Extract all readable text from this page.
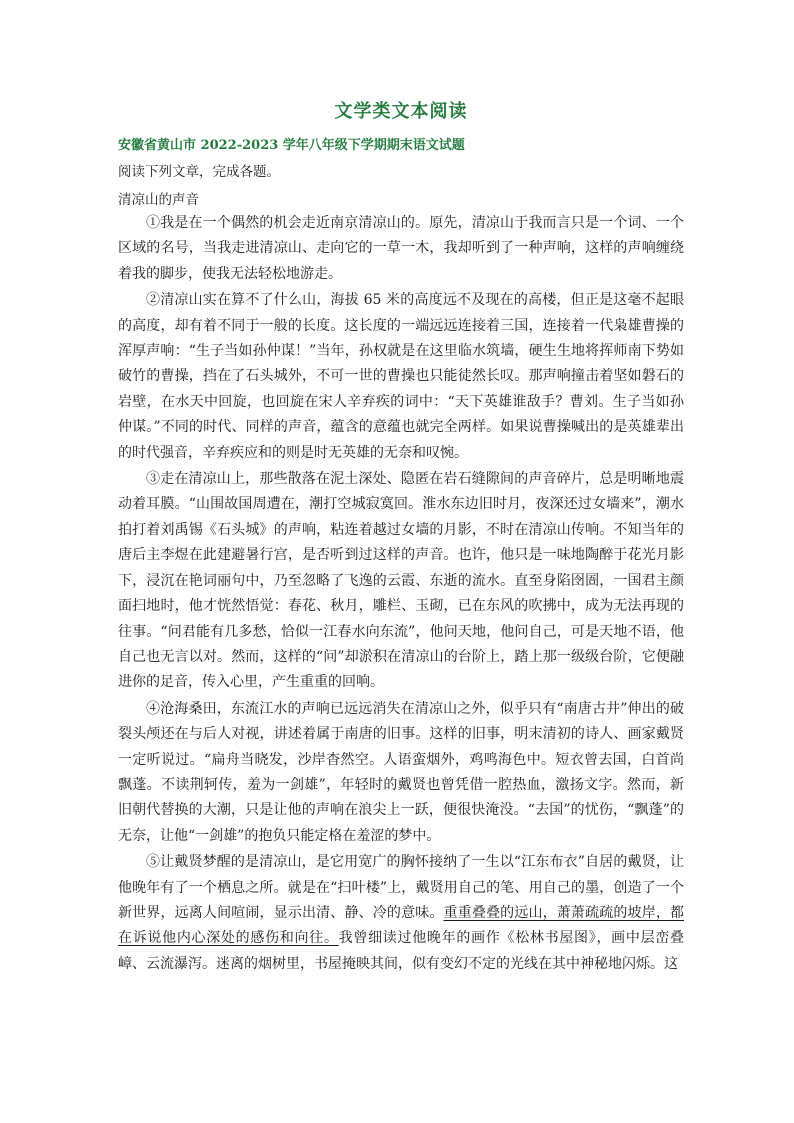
文学类文本阅读
安徽省黄山市 2022-2023 学年八年级下学期期末语文试题
阅读下列文章，完成各题。
清凉山的声音

①我是在一个偶然的机会走近南京清凉山的。原先，清凉山于我而言只是一个词、一个区域的名号，当我走进清凉山、走向它的一草一木，我却听到了一种声响，这样的声响缠绕着我的脚步，使我无法轻松地游走。

②清凉山实在算不了什么山，海拔 65 米的高度远不及现在的高楼，但正是这毫不起眼的高度，却有着不同于一般的长度。这长度的一端远远连接着三国，连接着一代枭雄曹操的浑厚声响：“生子当如孙仲谋！”当年，孙权就是在这里临水筑墙，硬生生地将挥师南下势如破竹的曹操，挡在了石头城外，不可一世的曹操也只能徒然长叹。那声响撞击着坚如磐石的岩壁，在水天中回旋，也回旋在宋人辛弃疾的词中：“天下英雄谁敌手？曹刘。生子当如孙仲谋。”不同的时代、同样的声音，蕴含的意蕴也就完全两样。如果说曹操喊出的是英雄辈出的时代强音，辛弃疾应和的则是时无英雄的无奈和叹惋。

③走在清凉山上，那些散落在泥土深处、隐匿在岩石缝隙间的声音碎片，总是明晰地震动着耳膜。“山围故国周遭在，潮打空城寂寞回。淮水东边旧时月，夜深还过女墙来”，潮水拍打着刘禹锡《石头城》的声响，粘连着越过女墙的月影，不时在清凉山传响。不知当年的唐后主李煜在此建避暑行宫，是否听到过这样的声音。也许，他只是一味地陶醉于花光月影下，浸沉在艳词丽句中，乃至忽略了飞逸的云霞、东逝的流水。直至身陷囹圄，一国君主颜面扫地时，他才恍然悟觉：春花、秋月，雕栏、玉砌，已在东风的吹拂中，成为无法再现的往事。“问君能有几多愁，恰似一江春水向东流”，他问天地，他问自己，可是天地不语，他自己也无言以对。然而，这样的“问”却淤积在清凉山的台阶上，踏上那一级级台阶，它便融进你的足音，传入心里，产生重重的回响。

④沧海桑田，东流江水的声响已远远消失在清凉山之外，似乎只有“南唐古井”伸出的破裂头颅还在与后人对视，讲述着属于南唐的旧事。这样的旧事，明末清初的诗人、画家戴贤一定听说过。“扁舟当晓发，沙岸杳然空。人语蛮烟外，鸡鸣海色中。短衣曾去国，白首尚飘蓬。不读荆轲传，羞为一剑雄”，年轻时的戴贤也曾凭借一腔热血，激扬文字。然而，新旧朝代替换的大潮，只是让他的声响在浪尖上一跃，便很快淹没。“去国”的忧伤，“飘蓬”的无奈，让他“一剑雄”的抱负只能定格在羞涩的梦中。

⑤让戴贤梦醒的是清凉山，是它用宽广的胸怀接纳了一生以“江东布衣”自居的戴贤，让他晚年有了一个栖息之所。就是在“扫叶楼”上，戴贤用自己的笔、用自己的墨，创造了一个新世界，远离人间喧闹，显示出清、静、冷的意味。重重叠叠的远山，萧萧疏疏的坡岸，都在诉说他内心深处的感伤和向往。我曾细读过他晚年的画作《松林书屋图》，画中层峦叠嶂、云流瀑泻。迷离的烟树里，书屋掩映其间，似有变幻不定的光线在其中神秘地闪烁。这
